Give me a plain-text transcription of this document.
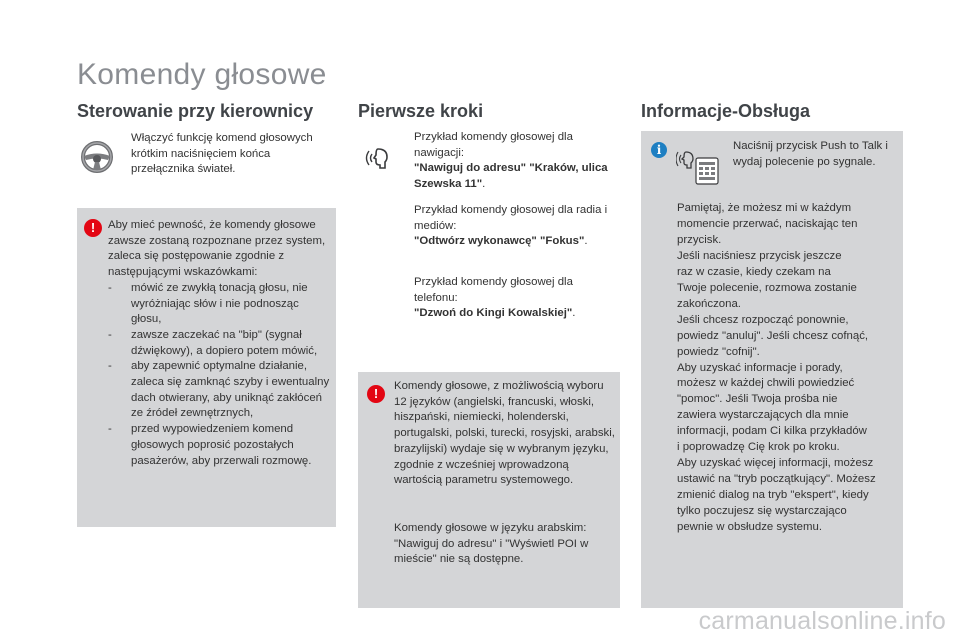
Komendy głosowe
Sterowanie przy kierownicy
Włączyć funkcję komend głosowych krótkim naciśnięciem końca przełącznika świateł.
!	Aby mieć pewność, że komendy głosowe zawsze zostaną rozpoznane przez system, zaleca się postępowanie zgodnie z następującymi wskazówkami:
- mówić ze zwykłą tonacją głosu, nie wyróżniając słów i nie podnosząc głosu,
- zawsze zaczekać na "bip" (sygnał dźwiękowy), a dopiero potem mówić,
- aby zapewnić optymalne działanie, zaleca się zamknąć szyby i ewentualny dach otwierany, aby uniknąć zakłóceń ze źródeł zewnętrznych,
- przed wypowiedzeniem komend głosowych poprosić pozostałych pasażerów, aby przerwali rozmowę.
Pierwsze kroki
Przykład komendy głosowej dla nawigacji:
"Nawiguj do adresu" "Kraków, ulica Szewska 11".
Przykład komendy głosowej dla radia i mediów:
"Odtwórz wykonawcę" "Fokus".
Przykład komendy głosowej dla telefonu:
"Dzwoń do Kingi Kowalskiej".
!	Komendy głosowe, z możliwością wyboru 12 języków (angielski, francuski, włoski, hiszpański, niemiecki, holenderski, portugalski, polski, turecki, rosyjski, arabski, brazylijski) wydaje się w wybranym języku, zgodnie z wcześniej wprowadzoną wartością parametru systemowego.
Komendy głosowe w języku arabskim: "Nawiguj do adresu" i "Wyświetl POI w mieście" nie są dostępne.
Informacje-Obsługa
i	Naciśnij przycisk Push to Talk i wydaj polecenie po sygnale.
Pamiętaj, że możesz mi w każdym
momencie przerwać, naciskając ten
przycisk.
Jeśli naciśniesz przycisk jeszcze
raz w czasie, kiedy czekam na
Twoje polecenie, rozmowa zostanie
zakończona.
Jeśli chcesz rozpocząć ponownie,
powiedz "anuluj". Jeśli chcesz cofnąć,
powiedz "cofnij".
Aby uzyskać informacje i porady,
możesz w każdej chwili powiedzieć
"pomoc". Jeśli Twoja prośba nie
zawiera wystarczających dla mnie
informacji, podam Ci kilka przykładów
i poprowadzę Cię krok po kroku.
Aby uzyskać więcej informacji, możesz
ustawić na "tryb początkujący". Możesz
zmienić dialog na tryb "ekspert", kiedy
tylko poczujesz się wystarczająco
pewnie w obsłudze systemu.
carmanualsonline.info
